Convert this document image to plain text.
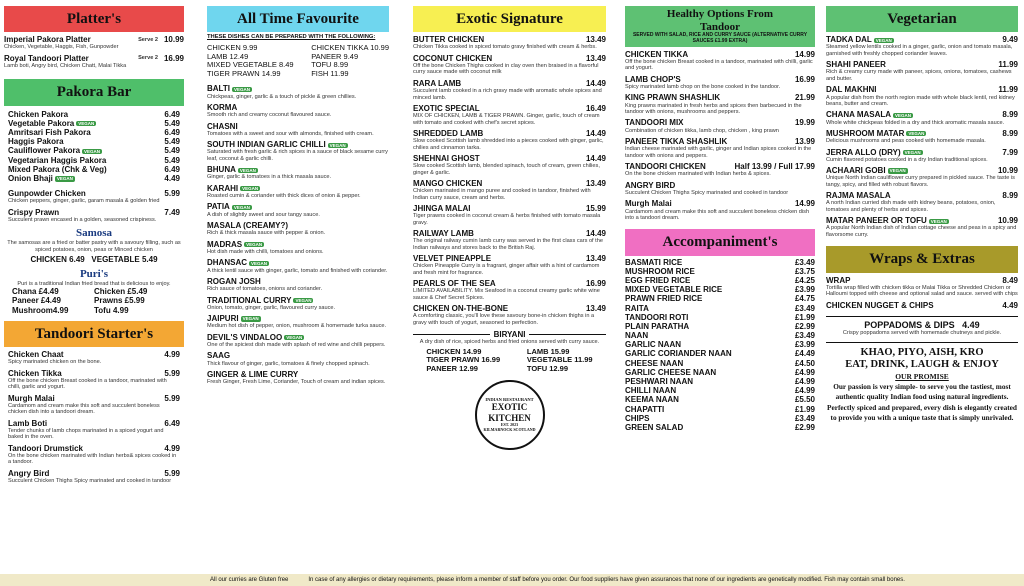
Platter's
Imperial Pakora Platter	Serve 2 10.99
Chicken, Vegetable, Haggis, Fish, Gunpowder
Royal Tandoori Platter	Serve 2 16.99
Lamb boti, Angry bird, Chicken Chatt, Malai Tikka
Pakora Bar
Chicken Pakora	6.49
Vegetable Pakora VEGAN	5.49
Amritsari Fish Pakora	6.49
Haggis Pakora	5.49
Cauliflower Pakora VEGAN	5.49
Vegetarian Haggis Pakora	5.49
Mixed Pakora (Chk & Veg)	6.49
Onion Bhaji VEGAN	4.49
Gunpowder Chicken	5.99
Chicken peppers, ginger, garlic, garam masala & golden fried
Crispy Prawn	7.49
Succulent prawn encased in a golden, seasoned crispiness.
Samosa
The samosas are a fried or batter pastry with a savoury filling, such as spiced potatoes, onion, peas or Minced chicken
CHICKEN 6.49 VEGETABLE 5.49
Puri's
Puri is a traditional Indian fried bread that is delicious to enjoy.
Chana £4.49	Chicken £5.49
Paneer £4.49	Prawns £5.99
Mushroom4.99	Tofu 4.99
Tandoori Starter's
Chicken Chaat	4.99
Spicy marinated chicken on the bone.
Chicken Tikka	5.99
Off the bone chicken Breast cooked in a tandoor, marinated with chilli, garlic and yogurt.
Murgh Malai	5.99
Cardamom and cream make this soft and succulent boneless chicken dish into a tandoori dream.
Lamb Boti	6.49
Tender chunks of lamb chops marinated in a spiced yogurt and baked in the oven.
Tandoori Drumstick	4.99
On the bone chicken marinated with Indian herbs& spices cooked in a tandoor.
Angry Bird	5.99
Succulent Chicken Thighs Spicy marinated and cooked in tandoor
All Time Favourite
THESE DISHES CAN BE PREPARED WITH THE FOLLOWING:
CHICKEN 9.99
LAMB 12.49
MIXED VEGETABLE 8.49
TIGER PRAWN 14.99
CHICKEN TIKKA 10.99
PANEER 9.49
TOFU 8.99
FISH 11.99
BALTI VEGAN
Chickpeas, ginger, garlic & a touch of pickle & green chillies.
KORMA
Smooth rich and creamy coconut flavoured sauce.
CHASNI
Tomatoes with a sweet and sour with almonds, finished with cream.
SOUTH INDIAN GARLIC CHILLI VEGAN
Saturated with fresh garlic & rich spices in a sauce of black sesame curry leaf, coconut & garlic chilli.
BHUNA VEGAN
Ginger, garlic & tomatoes in a thick masala sauce.
KARAHI VEGAN
Roasted cumin & coriander with thick dices of onion & pepper.
PATIA VEGAN
A dish of slightly sweet and sour tangy sauce.
MASALA (CREAMY?)
Rich & thick masala sauce with pepper & onion.
MADRAS VEGAN
Hot dish made with chilli, tomatoes and onions.
DHANSAC VEGAN
A thick lentil sauce with ginger, garlic, tomato and finished with coriander.
ROGAN JOSH
Rich sauce of tomatoes, onions and coriander.
TRADITIONAL CURRY VEGAN
Onion, tomato, ginger, garlic, flavoured curry sauce.
JAIPURI VEGAN
Medium hot dish of pepper, onion, mushroom & homemade turka sauce.
DEVIL'S VINDALOO VEGAN
One of the spiciest dish made with splash of red wine and chilli peppers.
SAAG
Thick flavour of ginger, garlic, tomatoes & finely chopped spinach.
GINGER & LIME CURRY
Fresh Ginger, Fresh Lime, Coriander, Touch of cream and indian spices.
Exotic Signature
BUTTER CHICKEN	13.49
Chicken Tikka cooked in spiced tomato gravy finished with cream & herbs.
COCONUT CHICKEN	13.49
Off the bone Chicken Thighs cooked in clay oven then braised in a flavorful curry sauce made with coconut milk
RARA LAMB	14.49
Succulent lamb cooked in a rich gravy made with aromatic whole spices and minced lamb.
EXOTIC SPECIAL	16.49
MIX OF CHICKEN, LAMB & TIGER PRAWN. Ginger, garlic, touch of cream with tomato and cooked with chef's secret spices.
SHREDDED LAMB	14.49
Slow cooked Scottish lamb shredded into a pieces cooked with ginger, garlic, chilies and cinnamon tarka.
SHEHNAI GHOST	14.49
Slow cooked Scottish lamb, blended spinach, touch of cream, green chilies, ginger & garlic.
MANGO CHICKEN	13.49
Chicken marinated in mango puree and cooked in tandoor, finished with Indian curry sauce, cream and herbs.
JHINGA MALAI	15.99
Tiger prawns cooked in coconut cream & herbs finished with tomato masala gravy.
RAILWAY LAMB	14.49
The original railway cumin lamb curry was served in the first class cars of the Indian railways and stores back to the British Raj.
VELVET PINEAPPLE	13.49
Chicken Pineapple Curry is a fragrant, ginger affair with a hint of cardamom and fresh mint for fragrance.
PEARLS OF THE SEA	16.99
LIMITED AVAILABILITY. Mix Seafood in a coconut creamy garlic white wine sauce & Chef Secret Spices.
CHICKEN ON-THE-BONE	13.49
A comforting classic, you'll love these savoury bone-in chicken thighs in a gravy with touch of yogurt, seasoned to perfection.
BIRYANI
A dry dish of rice, spiced herbs and fried onions served with curry sauce.
CHICKEN 14.99
TIGER PRAWN 16.99
PANEER 12.99
LAMB 15.99
VEGETABLE 11.99
TOFU 12.99
INDIAN RESTAURANT
EXOTIC KITCHEN
EST. 2023
KILMARNOCK SCOTLAND
Healthy Options From Tandoor
SERVED WITH SALAD, RICE AND CURRY SAUCE (ALTERNATIVE CURRY SAUCES £1.99 EXTRA)
CHICKEN TIKKA	14.99
Off the bone chicken Breast cooked in a tandoor, marinated with chilli, garlic and yogurt.
LAMB CHOP'S	16.99
Spicy marinated lamb chop on the bone cooked in the tandoor.
KING PRAWN SHASHLIK	21.99
King prawns marinated in fresh herbs and spices then barbecued in the tandoor with onions, mushrooms and peppers.
TANDOORI MIX	19.99
Combination of chicken tikka, lamb chop, chicken , king prawn
PANEER TIKKA SHASHLIK	13.99
Indian cheese marinated with garlic, ginger and Indian spices cooked in the tandoor with onions and peppers.
TANDOORI CHICKEN	Half 13.99 / Full 17.99
On the bone chicken marinated with Indian herbs & spices.
ANGRY BIRD
Succulent Chicken Thighs Spicy marinated and cooked in tandoor
Murgh Malai	14.99
Cardamom and cream make this soft and succulent boneless chicken dish into a tandoori dream.
Accompaniment's
BASMATI RICE	£3.49
MUSHROOM RICE	£3.75
EGG FRIED RICE	£4.25
MIXED VEGETABLE RICE	£3.99
PRAWN FRIED RICE	£4.75
RAITA	£3.49
TANDOORI ROTI	£1.99
PLAIN PARATHA	£2.99
NAAN	£3.49
GARLIC NAAN	£3.99
GARLIC CORIANDER NAAN	£4.49
CHEESE NAAN	£4.50
GARLIC CHEESE NAAN	£4.99
PESHWARI NAAN	£4.99
CHILLI NAAN	£4.99
KEEMA NAAN	£5.50
CHAPATTI	£1.99
CHIPS	£3.49
GREEN SALAD	£2.99
Vegetarian
TADKA DAL VEGAN	9.49
Steamed yellow lentils cooked in a ginger, garlic, onion and tomato masala, garnished with freshly chopped coriander leaves.
SHAHI PANEER	11.99
Rich & creamy curry made with paneer, spices, onions, tomatoes, cashews and butter.
DAL MAKHNI	11.99
A popular dish from the north region made with whole black lentil, red kidney beans, butter and cream.
CHANA MASALA VEGAN	8.99
Whole white chickpeas folded in a dry and thick aromatic masala sauce.
MUSHROOM MATAR VEGAN	8.99
Delicious mushrooms and peas cooked with homemade masala.
JERRA ALLO (DRY) VEGAN	7.99
Cumin flavored potatoes cooked in a dry Indian traditional spices.
ACHAARI GOBI VEGAN	10.99
Unique North Indian cauliflower curry prepared in pickled sauce. The taste is tangy, spicy, and filled with robust flavors.
RAJMA MASALA	8.99
A north Indian curried dish made with kidney beans, potatoes, onion, tomatoes and plenty of herbs and spices.
MATAR PANEER OR TOFU VEGAN	10.99
A popular North Indian dish of Indian cottage cheese and peas in a spicy and flavorsome curry.
Wraps & Extras
WRAP	8.49
Tortilla wrap filled with chicken tikka or Malai Tikka or Shredded Chicken or Halloumi topped with cheese and optional salad and sauce. served with chips
CHICKEN NUGGET & CHIPS	4.49
POPPADOMS & DIPS 4.49
Crispy poppadoms served with homemade chutneys and pickle.
KHAO, PIYO, AISH, KRO
EAT, DRINK, LAUGH & ENJOY
OUR PROMISE
Our passion is very simple- to serve you the tastiest, most authentic quality Indian food using natural ingredients. Perfectly spiced and prepared, every dish is elegantly created to provide you with a unique taste that is simply unrivaled.
All our curries are Gluten free	In case of any allergies or dietary requirements, please inform a member of staff before you order. Our food suppliers have given assurances that none of our ingredients are genetically modified. Fish may contain small bones.
